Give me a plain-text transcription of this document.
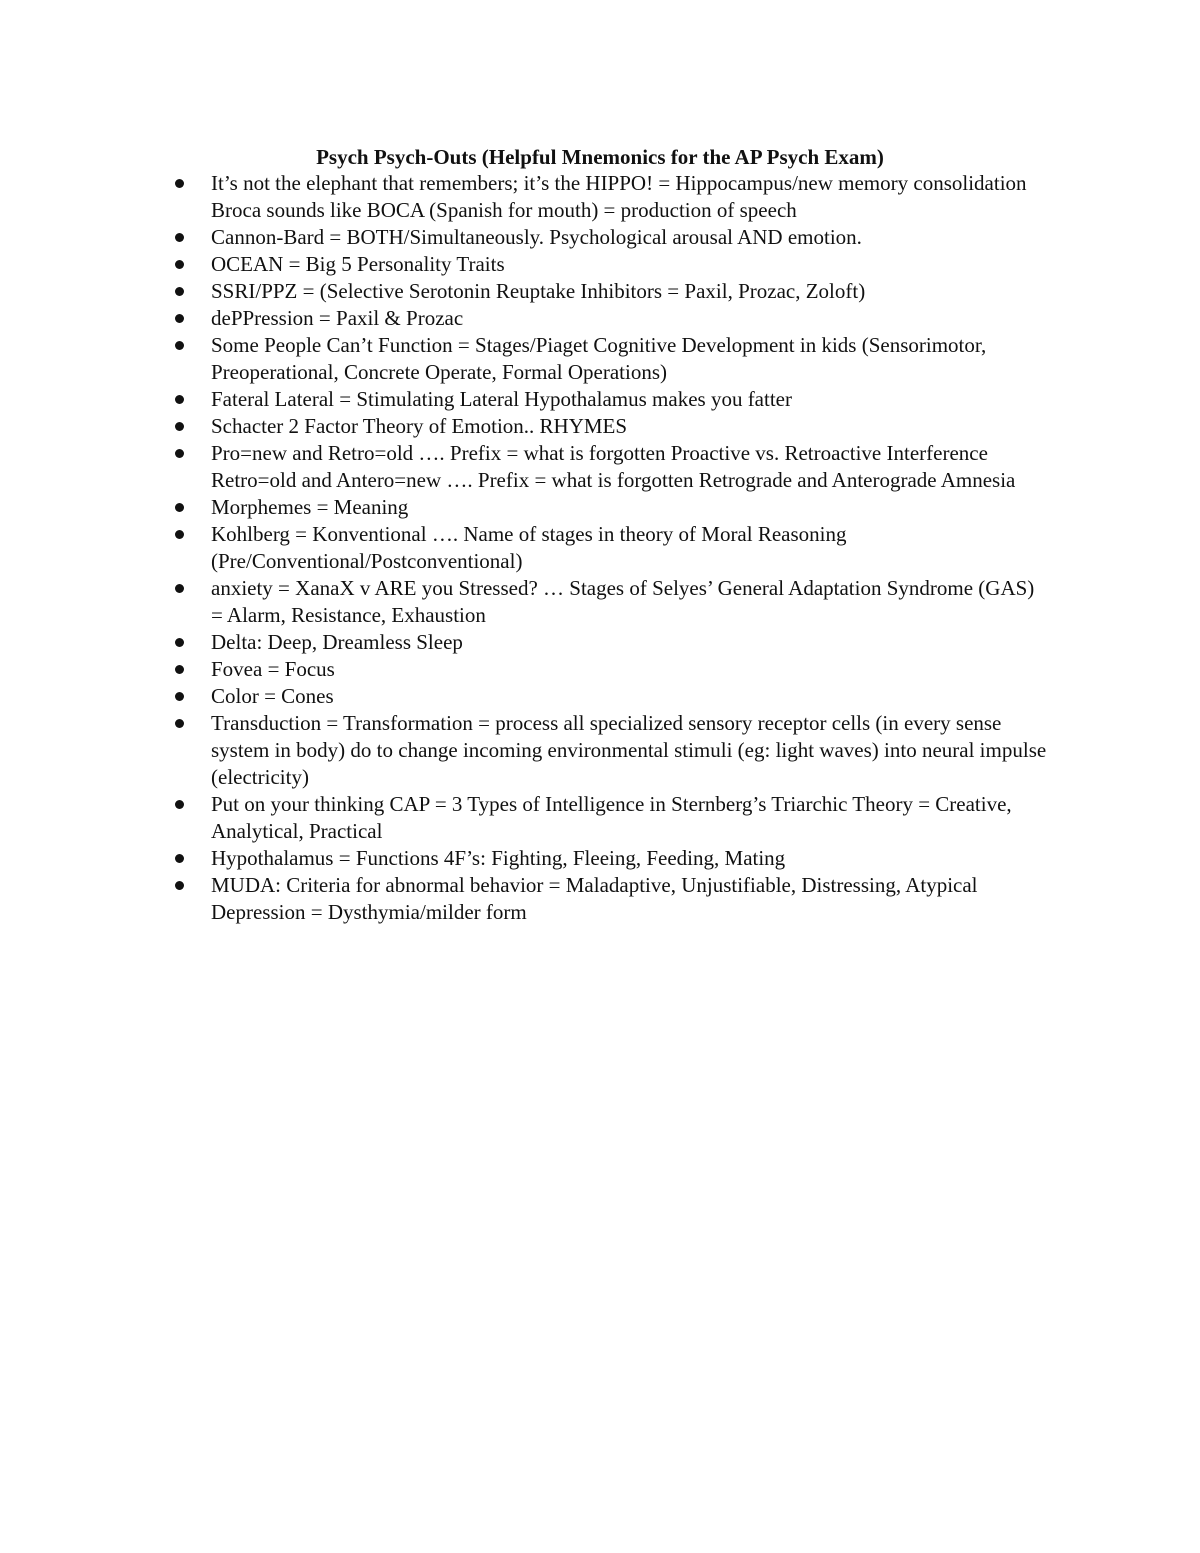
Psych Psych-Outs (Helpful Mnemonics for the AP Psych Exam)
It’s not the elephant that remembers; it’s the HIPPO! = Hippocampus/new memory consolidation Broca sounds like BOCA (Spanish for mouth) = production of speech
Cannon-Bard = BOTH/Simultaneously. Psychological arousal AND emotion.
OCEAN = Big 5 Personality Traits
SSRI/PPZ = (Selective Serotonin Reuptake Inhibitors = Paxil, Prozac, Zoloft)
dePPression = Paxil & Prozac
Some People Can’t Function = Stages/Piaget Cognitive Development in kids (Sensorimotor, Preoperational, Concrete Operate, Formal Operations)
Fateral Lateral = Stimulating Lateral Hypothalamus makes you fatter
Schacter 2 Factor Theory of Emotion.. RHYMES
Pro=new and Retro=old …. Prefix = what is forgotten Proactive vs. Retroactive Interference Retro=old and Antero=new …. Prefix = what is forgotten Retrograde and Anterograde Amnesia
Morphemes = Meaning
Kohlberg = Konventional …. Name of stages in theory of Moral Reasoning (Pre/Conventional/Postconventional)
anxiety = XanaX v ARE you Stressed? … Stages of Selyes’ General Adaptation Syndrome (GAS) = Alarm, Resistance, Exhaustion
Delta: Deep, Dreamless Sleep
Fovea = Focus
Color = Cones
Transduction = Transformation = process all specialized sensory receptor cells (in every sense system in body) do to change incoming environmental stimuli (eg: light waves) into neural impulse (electricity)
Put on your thinking CAP = 3 Types of Intelligence in Sternberg’s Triarchic Theory = Creative, Analytical, Practical
Hypothalamus = Functions 4F’s: Fighting, Fleeing, Feeding, Mating
MUDA: Criteria for abnormal behavior = Maladaptive, Unjustifiable, Distressing, Atypical Depression = Dysthymia/milder form
